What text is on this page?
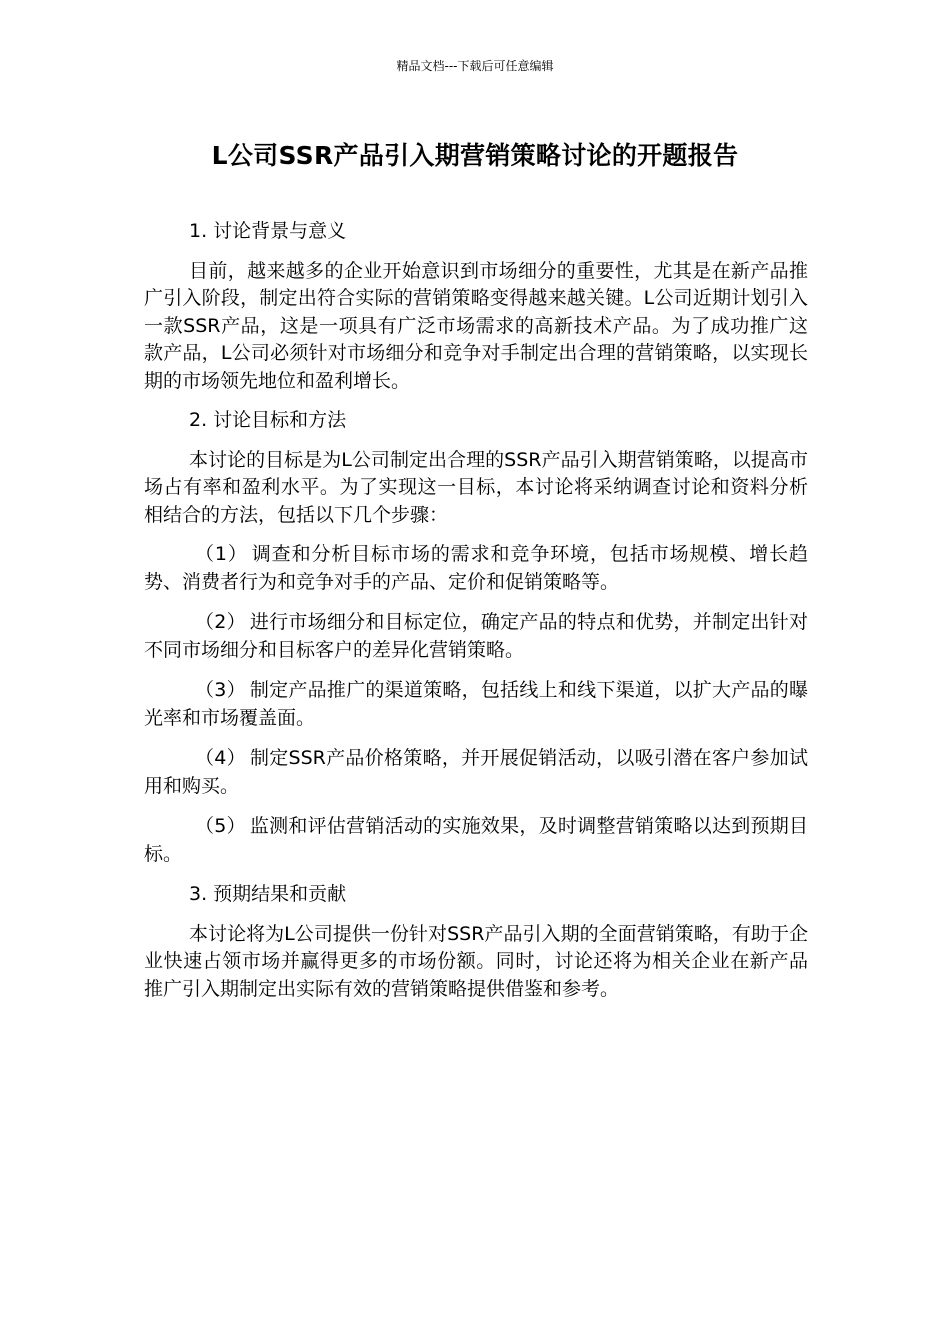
精品文档---下载后可任意编辑
L公司SSR产品引入期营销策略讨论的开题报告

1. 讨论背景与意义

目前，越来越多的企业开始意识到市场细分的重要性，尤其是在新产品推广引入阶段，制定出符合实际的营销策略变得越来越关键。L公司近期计划引入一款SSR产品，这是一项具有广泛市场需求的高新技术产品。为了成功推广这款产品，L公司必须针对市场细分和竞争对手制定出合理的营销策略，以实现长期的市场领先地位和盈利增长。

2. 讨论目标和方法

本讨论的目标是为L公司制定出合理的SSR产品引入期营销策略，以提高市场占有率和盈利水平。为了实现这一目标，本讨论将采纳调查讨论和资料分析相结合的方法，包括以下几个步骤：

（1） 调查和分析目标市场的需求和竞争环境，包括市场规模、增长趋势、消费者行为和竞争对手的产品、定价和促销策略等。

（2） 进行市场细分和目标定位，确定产品的特点和优势，并制定出针对不同市场细分和目标客户的差异化营销策略。

（3） 制定产品推广的渠道策略，包括线上和线下渠道，以扩大产品的曝光率和市场覆盖面。

（4） 制定SSR产品价格策略，并开展促销活动，以吸引潜在客户参加试用和购买。

（5） 监测和评估营销活动的实施效果，及时调整营销策略以达到预期目标。

3. 预期结果和贡献

本讨论将为L公司提供一份针对SSR产品引入期的全面营销策略，有助于企业快速占领市场并赢得更多的市场份额。同时，讨论还将为相关企业在新产品推广引入期制定出实际有效的营销策略提供借鉴和参考。
